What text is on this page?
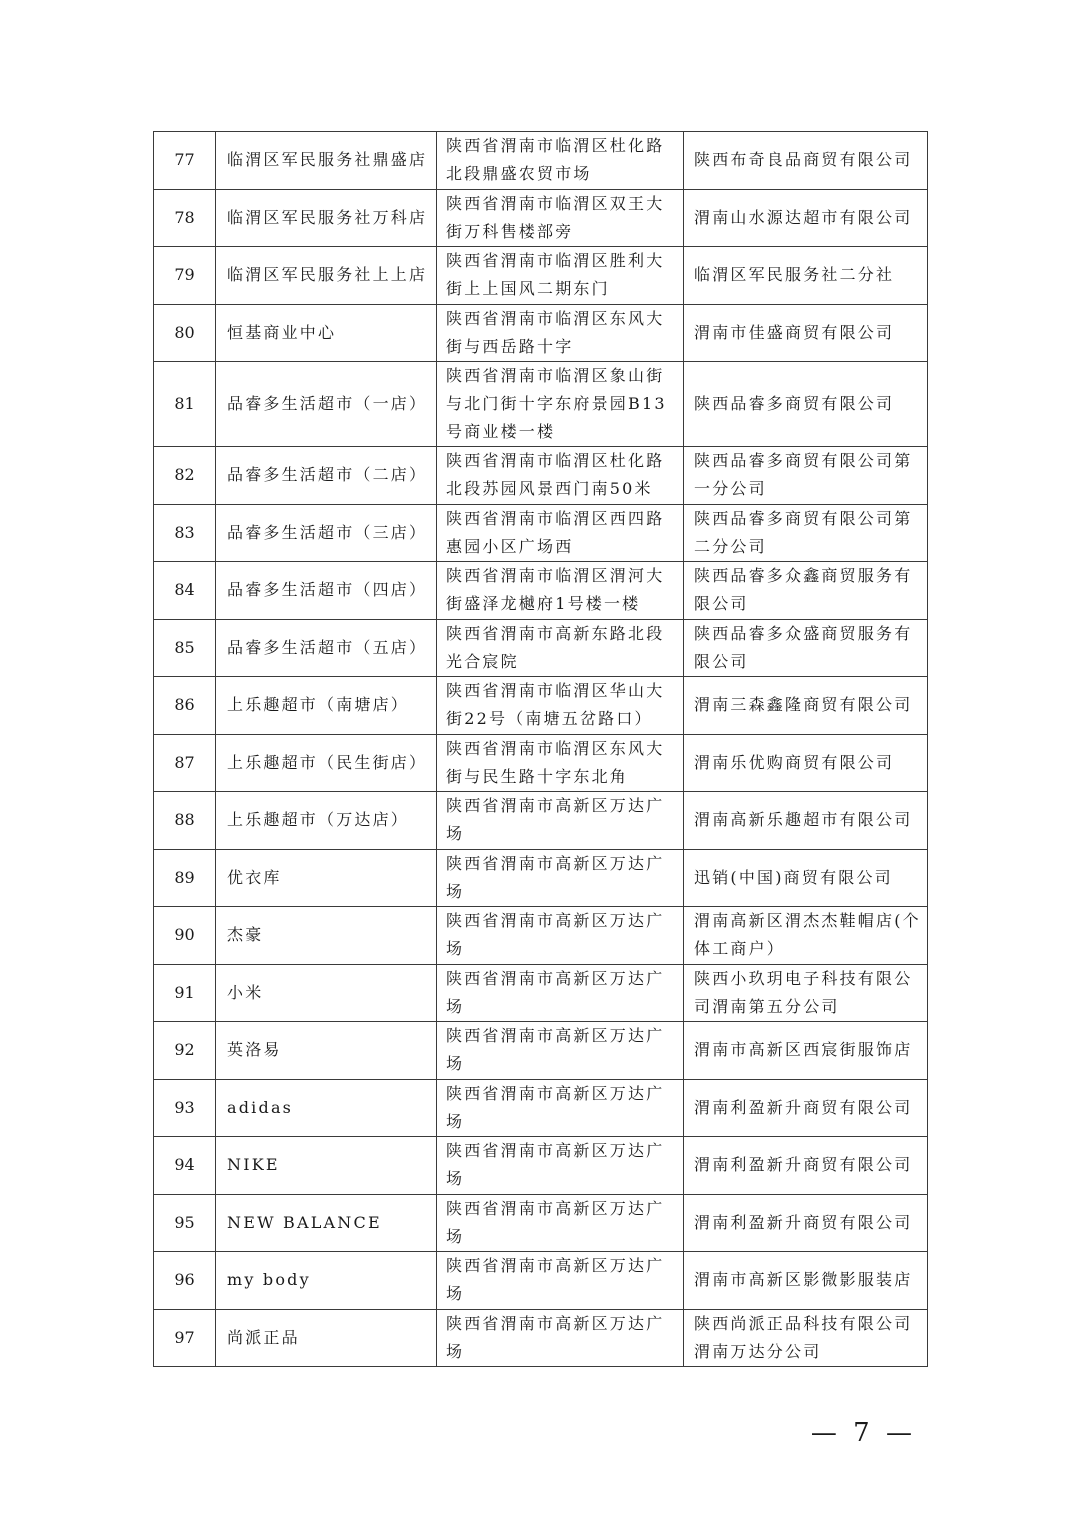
77	临渭区军民服务社鼎盛店	陕西省渭南市临渭区杜化路北段鼎盛农贸市场	陕西布奇良品商贸有限公司
78	临渭区军民服务社万科店	陕西省渭南市临渭区双王大街万科售楼部旁	渭南山水源达超市有限公司
79	临渭区军民服务社上上店	陕西省渭南市临渭区胜利大街上上国风二期东门	临渭区军民服务社二分社
80	恒基商业中心	陕西省渭南市临渭区东风大街与西岳路十字	渭南市佳盛商贸有限公司
81	品睿多生活超市（一店）	陕西省渭南市临渭区象山街与北门街十字东府景园B13号商业楼一楼	陕西品睿多商贸有限公司
82	品睿多生活超市（二店）	陕西省渭南市临渭区杜化路北段苏园风景西门南50米	陕西品睿多商贸有限公司第一分公司
83	品睿多生活超市（三店）	陕西省渭南市临渭区西四路惠园小区广场西	陕西品睿多商贸有限公司第二分公司
84	品睿多生活超市（四店）	陕西省渭南市临渭区渭河大街盛泽龙樾府1号楼一楼	陕西品睿多众鑫商贸服务有限公司
85	品睿多生活超市（五店）	陕西省渭南市高新东路北段光合宸院	陕西品睿多众盛商贸服务有限公司
86	上乐趣超市（南塘店）	陕西省渭南市临渭区华山大街22号（南塘五岔路口）	渭南三森鑫隆商贸有限公司
87	上乐趣超市（民生街店）	陕西省渭南市临渭区东风大街与民生路十字东北角	渭南乐优购商贸有限公司
88	上乐趣超市（万达店）	陕西省渭南市高新区万达广场	渭南高新乐趣超市有限公司
89	优衣库	陕西省渭南市高新区万达广场	迅销(中国)商贸有限公司
90	杰豪	陕西省渭南市高新区万达广场	渭南高新区渭杰杰鞋帽店(个体工商户）
91	小米	陕西省渭南市高新区万达广场	陕西小玖玥电子科技有限公司渭南第五分公司
92	英洛易	陕西省渭南市高新区万达广场	渭南市高新区西宸街服饰店
93	adidas	陕西省渭南市高新区万达广场	渭南利盈新升商贸有限公司
94	NIKE	陕西省渭南市高新区万达广场	渭南利盈新升商贸有限公司
95	NEW BALANCE	陕西省渭南市高新区万达广场	渭南利盈新升商贸有限公司
96	my body	陕西省渭南市高新区万达广场	渭南市高新区影微影服装店
97	尚派正品	陕西省渭南市高新区万达广场	陕西尚派正品科技有限公司渭南万达分公司
— 7 —
